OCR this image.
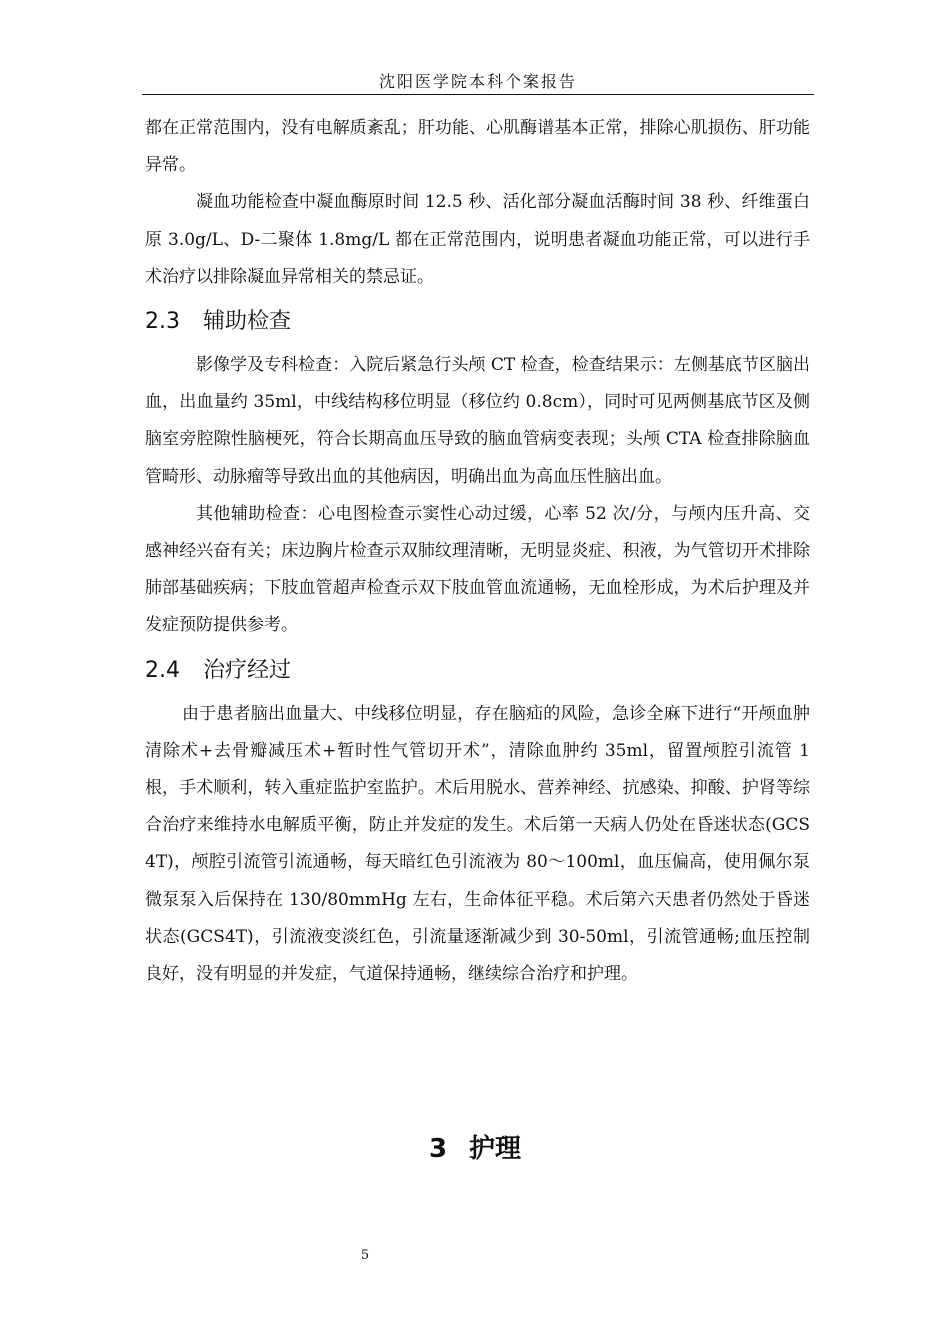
沈阳医学院本科个案报告

都在正常范围内，没有电解质紊乱；肝功能、心肌酶谱基本正常，排除心肌损伤、肝功能异常。

凝血功能检查中凝血酶原时间 12.5 秒、活化部分凝血活酶时间 38 秒、纤维蛋白原 3.0g/L、D-二聚体 1.8mg/L 都在正常范围内，说明患者凝血功能正常，可以进行手术治疗以排除凝血异常相关的禁忌证。

2.3 辅助检查

影像学及专科检查：入院后紧急行头颅 CT 检查，检查结果示：左侧基底节区脑出血，出血量约 35ml，中线结构移位明显（移位约 0.8cm），同时可见两侧基底节区及侧脑室旁腔隙性脑梗死，符合长期高血压导致的脑血管病变表现；头颅 CTA 检查排除脑血管畸形、动脉瘤等导致出血的其他病因，明确出血为高血压性脑出血。

其他辅助检查：心电图检查示窦性心动过缓，心率 52 次/分，与颅内压升高、交感神经兴奋有关；床边胸片检查示双肺纹理清晰，无明显炎症、积液，为气管切开术排除肺部基础疾病；下肢血管超声检查示双下肢血管血流通畅，无血栓形成，为术后护理及并发症预防提供参考。

2.4 治疗经过

由于患者脑出血量大、中线移位明显，存在脑疝的风险，急诊全麻下进行“开颅血肿清除术+去骨瓣减压术+暂时性气管切开术”，清除血肿约 35ml，留置颅腔引流管 1 根，手术顺利，转入重症监护室监护。术后用脱水、营养神经、抗感染、抑酸、护肾等综合治疗来维持水电解质平衡，防止并发症的发生。术后第一天病人仍处在昏迷状态(GCS4T)，颅腔引流管引流通畅，每天暗红色引流液为 80～100ml，血压偏高，使用佩尔泵微泵泵入后保持在 130/80mmHg 左右，生命体征平稳。术后第六天患者仍然处于昏迷状态(GCS4T)，引流液变淡红色，引流量逐渐减少到 30-50ml，引流管通畅;血压控制良好，没有明显的并发症，气道保持通畅，继续综合治疗和护理。

3 护理
5
